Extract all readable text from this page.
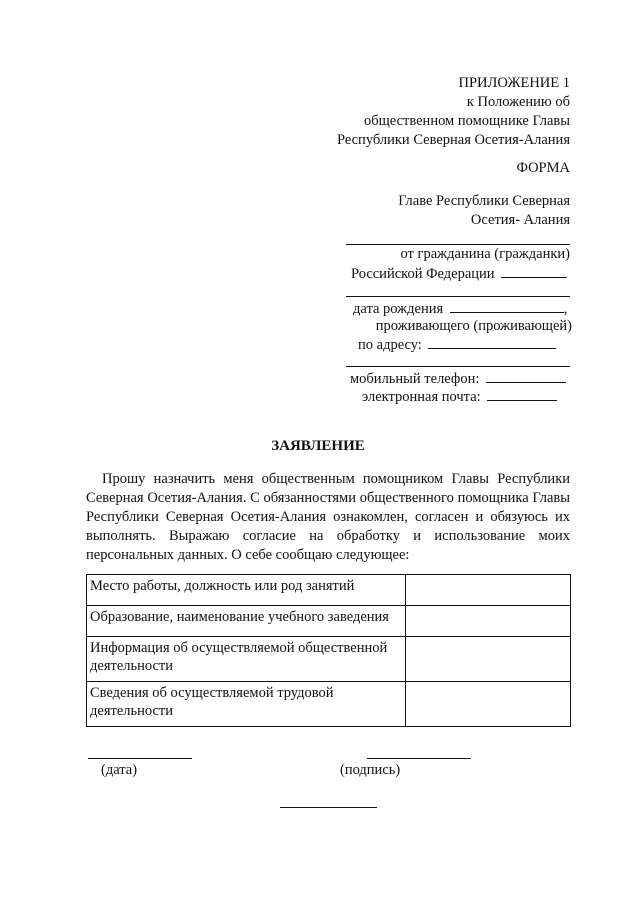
ПРИЛОЖЕНИЕ 1
к Положению об
общественном помощнике Главы
Республики Северная Осетия-Алания
ФОРМА
Главе Республики Северная
Осетия- Алания
от гражданина (гражданки)
Российской Федерации
дата рождения	,
проживающего (проживающей)
по адресу:
мобильный телефон:
электронная почта:
ЗАЯВЛЕНИЕ
Прошу назначить меня общественным помощником Главы Республики Северная Осетия-Алания. С обязанностями общественного помощника Главы Республики Северная Осетия-Алания ознакомлен, согласен и обязуюсь их выполнять. Выражаю согласие на обработку и использование моих персональных данных. О себе сообщаю следующее:
Место работы, должность или род занятий	
Образование, наименование учебного заведения	
Информация об осуществляемой общественной деятельности	

Сведения об осуществляемой трудовой
деятельности	

(дата)	(подпись)
